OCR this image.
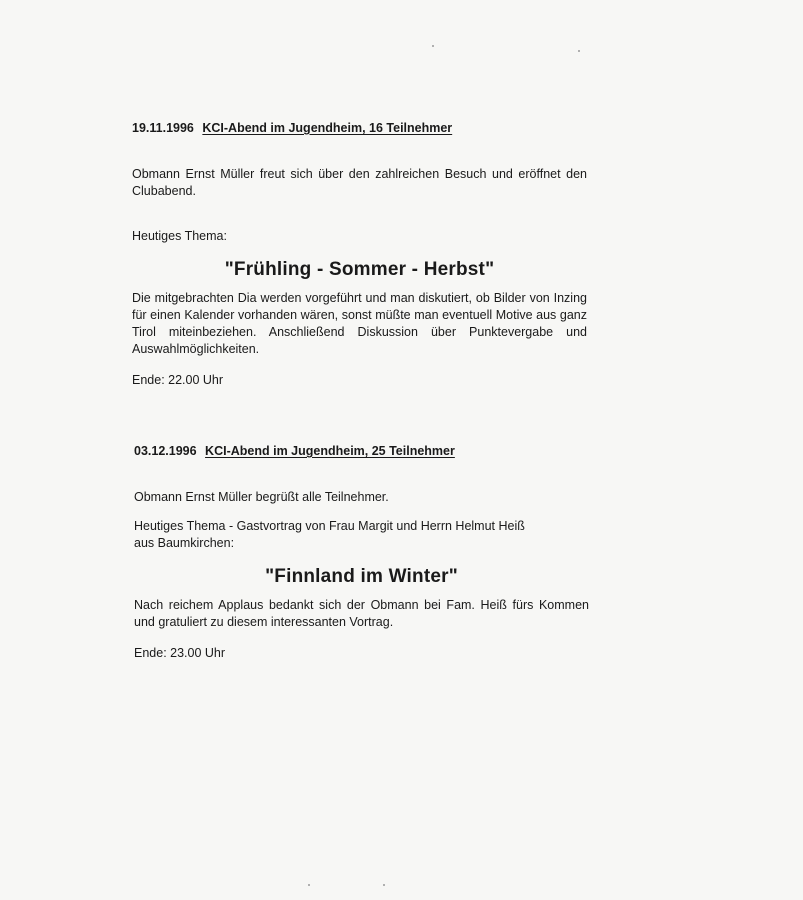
19.11.1996 KCI-Abend im Jugendheim, 16 Teilnehmer

Obmann Ernst Müller freut sich über den zahlreichen Besuch und eröffnet den Clubabend.

Heutiges Thema:

"Frühling - Sommer - Herbst"

Die mitgebrachten Dia werden vorgeführt und man diskutiert, ob Bilder von Inzing für einen Kalender vorhanden wären, sonst müßte man eventuell Motive aus ganz Tirol miteinbeziehen. Anschließend Diskussion über Punktevergabe und Auswahlmöglichkeiten.

Ende: 22.00 Uhr

03.12.1996 KCI-Abend im Jugendheim, 25 Teilnehmer

Obmann Ernst Müller begrüßt alle Teilnehmer.

Heutiges Thema - Gastvortrag von Frau Margit und Herrn Helmut Heiß

aus Baumkirchen:

"Finnland im Winter"

Nach reichem Applaus bedankt sich der Obmann bei Fam. Heiß fürs Kommen und gratuliert zu diesem interessanten Vortrag.

Ende: 23.00 Uhr
